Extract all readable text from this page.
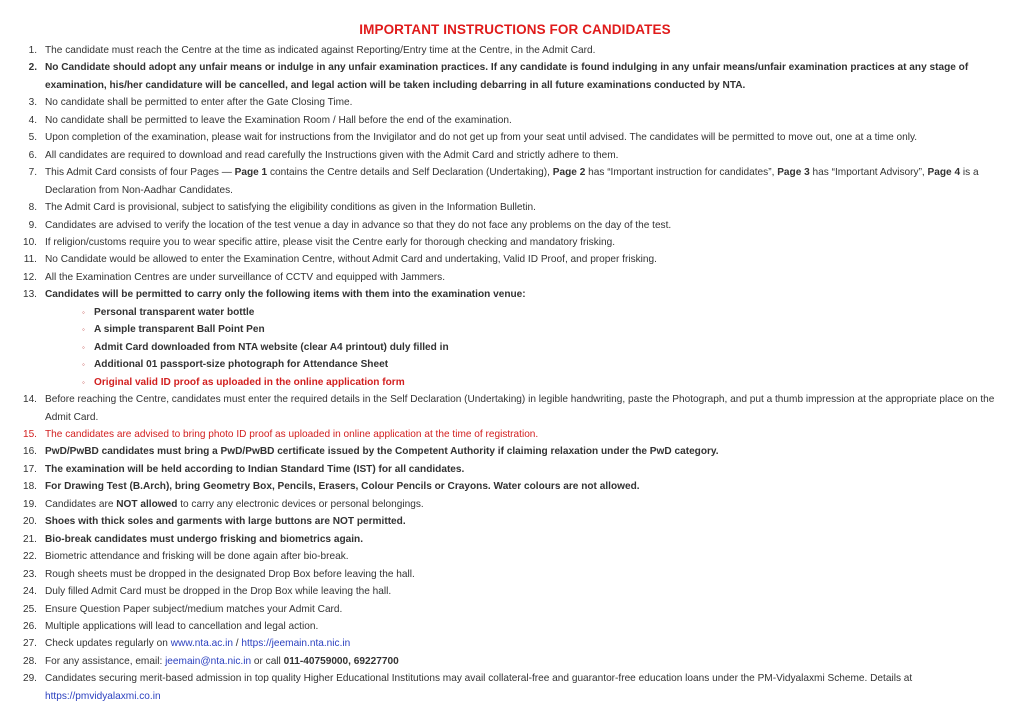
IMPORTANT INSTRUCTIONS FOR CANDIDATES
1. The candidate must reach the Centre at the time as indicated against Reporting/Entry time at the Centre, in the Admit Card.
2. No Candidate should adopt any unfair means or indulge in any unfair examination practices. If any candidate is found indulging in any unfair means/unfair examination practices at any stage of examination, his/her candidature will be cancelled, and legal action will be taken including debarring in all future examinations conducted by NTA.
3. No candidate shall be permitted to enter after the Gate Closing Time.
4. No candidate shall be permitted to leave the Examination Room / Hall before the end of the examination.
5. Upon completion of the examination, please wait for instructions from the Invigilator and do not get up from your seat until advised. The candidates will be permitted to move out, one at a time only.
6. All candidates are required to download and read carefully the Instructions given with the Admit Card and strictly adhere to them.
7. This Admit Card consists of four Pages — Page 1 contains the Centre details and Self Declaration (Undertaking), Page 2 has “Important instruction for candidates”, Page 3 has “Important Advisory”, Page 4 is a Declaration from Non-Aadhar Candidates.
8. The Admit Card is provisional, subject to satisfying the eligibility conditions as given in the Information Bulletin.
9. Candidates are advised to verify the location of the test venue a day in advance so that they do not face any problems on the day of the test.
10. If religion/customs require you to wear specific attire, please visit the Centre early for thorough checking and mandatory frisking.
11. No Candidate would be allowed to enter the Examination Centre, without Admit Card and undertaking, Valid ID Proof, and proper frisking.
12. All the Examination Centres are under surveillance of CCTV and equipped with Jammers.
13. Candidates will be permitted to carry only the following items with them into the examination venue:
◦ Personal transparent water bottle
◦ A simple transparent Ball Point Pen
◦ Admit Card downloaded from NTA website (clear A4 printout) duly filled in
◦ Additional 01 passport-size photograph for Attendance Sheet
◦ Original valid ID proof as uploaded in the online application form
14. Before reaching the Centre, candidates must enter the required details in the Self Declaration (Undertaking) in legible handwriting, paste the Photograph, and put a thumb impression at the appropriate place on the Admit Card.
15. The candidates are advised to bring photo ID proof as uploaded in online application at the time of registration.
16. PwD/PwBD candidates must bring a PwD/PwBD certificate issued by the Competent Authority if claiming relaxation under the PwD category.
17. The examination will be held according to Indian Standard Time (IST) for all candidates.
18. For Drawing Test (B.Arch), bring Geometry Box, Pencils, Erasers, Colour Pencils or Crayons. Water colours are not allowed.
19. Candidates are NOT allowed to carry any electronic devices or personal belongings.
20. Shoes with thick soles and garments with large buttons are NOT permitted.
21. Bio-break candidates must undergo frisking and biometrics again.
22. Biometric attendance and frisking will be done again after bio-break.
23. Rough sheets must be dropped in the designated Drop Box before leaving the hall.
24. Duly filled Admit Card must be dropped in the Drop Box while leaving the hall.
25. Ensure Question Paper subject/medium matches your Admit Card.
26. Multiple applications will lead to cancellation and legal action.
27. Check updates regularly on www.nta.ac.in / https://jeemain.nta.nic.in
28. For any assistance, email: jeemain@nta.nic.in or call 011-40759000, 69227700
29. Candidates securing merit-based admission in top quality Higher Educational Institutions may avail collateral-free and guarantor-free education loans under the PM-Vidyalaxmi Scheme. Details at https://pmvidyalaxmi.co.in
